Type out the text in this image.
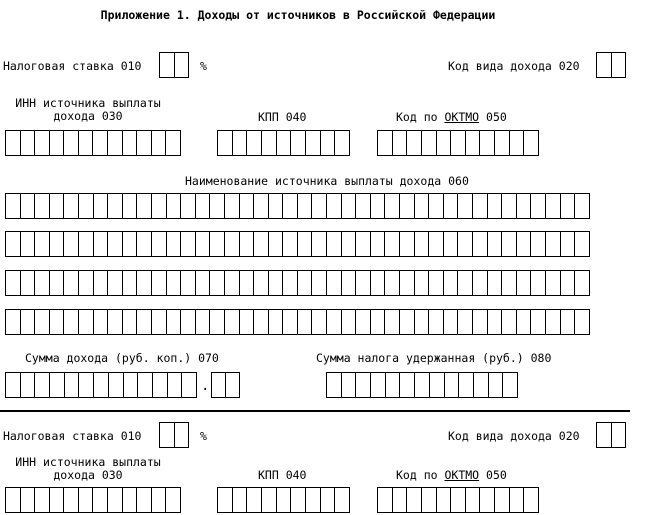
Приложение 1. Доходы от источников в Российской Федерации
Налоговая ставка 010	%	Код вида дохода 020
ИНН источника выплаты
дохода 030	КПП 040	Код по ОКТМО 050
Наименование источника выплаты дохода 060
Сумма дохода (руб. коп.) 070	Сумма налога удержанная (руб.) 080
.
Налоговая ставка 010	%	Код вида дохода 020
ИНН источника выплаты
дохода 030	КПП 040	Код по ОКТМО 050
